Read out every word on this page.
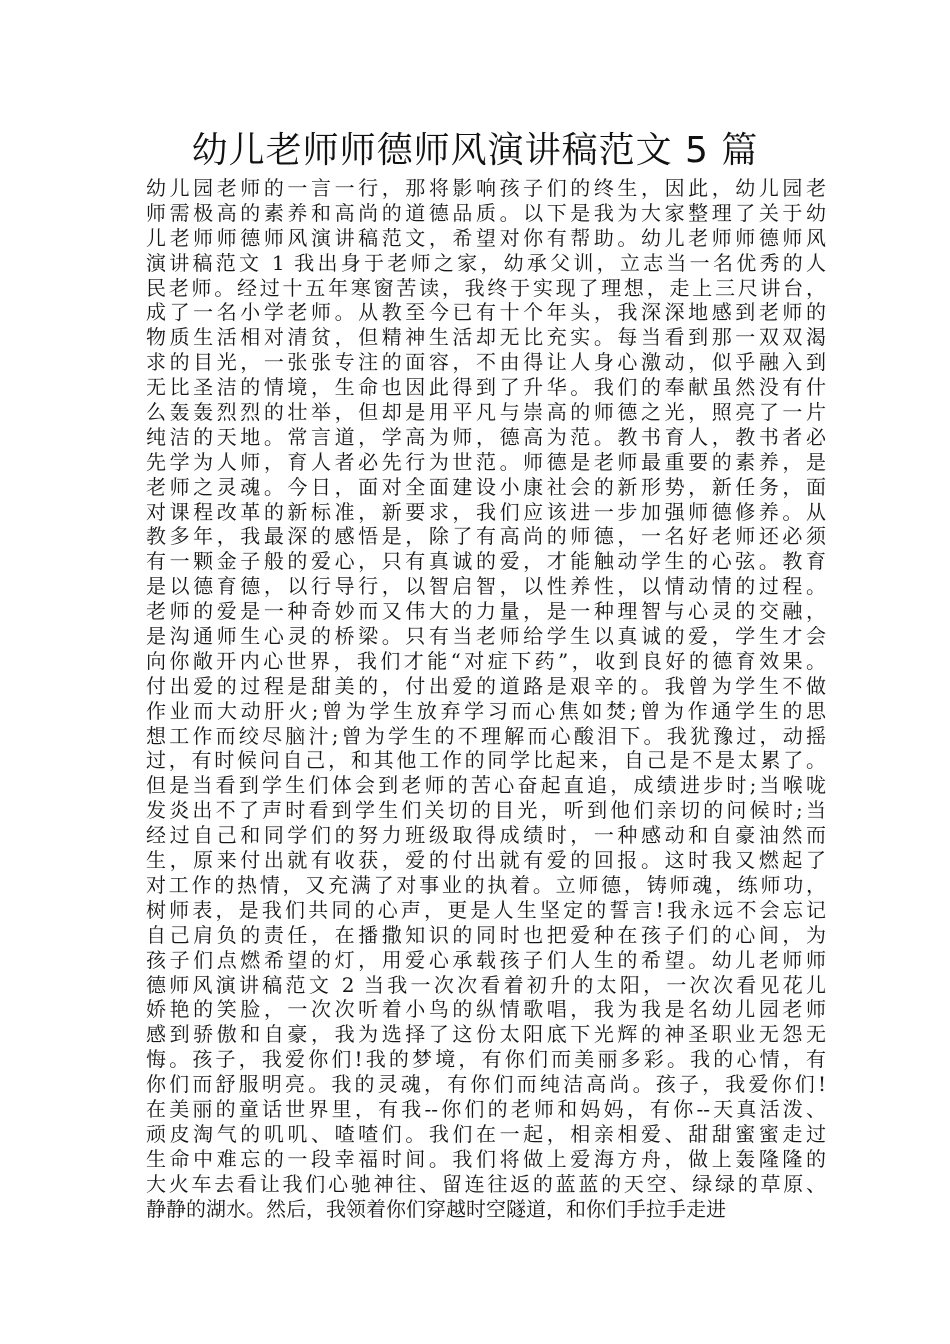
幼儿老师师德师风演讲稿范文 5 篇
幼儿园老师的一言一行，那将影响孩子们的终生，因此，幼儿园老
师需极高的素养和高尚的道德品质。以下是我为大家整理了关于幼
儿老师师德师风演讲稿范文，希望对你有帮助。幼儿老师师德师风
演讲稿范文 1 我出身于老师之家，幼承父训，立志当一名优秀的人
民老师。经过十五年寒窗苦读，我终于实现了理想，走上三尺讲台，
成了一名小学老师。从教至今已有十个年头，我深深地感到老师的
物质生活相对清贫，但精神生活却无比充实。每当看到那一双双渴
求的目光，一张张专注的面容，不由得让人身心激动，似乎融入到
无比圣洁的情境，生命也因此得到了升华。我们的奉献虽然没有什
么轰轰烈烈的壮举，但却是用平凡与崇高的师德之光，照亮了一片
纯洁的天地。常言道，学高为师，德高为范。教书育人，教书者必
先学为人师，育人者必先行为世范。师德是老师最重要的素养，是
老师之灵魂。今日，面对全面建设小康社会的新形势，新任务，面
对课程改革的新标准，新要求，我们应该进一步加强师德修养。从
教多年，我最深的感悟是，除了有高尚的师德，一名好老师还必须
有一颗金子般的爱心，只有真诚的爱，才能触动学生的心弦。教育
是以德育德，以行导行，以智启智，以性养性，以情动情的过程。
老师的爱是一种奇妙而又伟大的力量，是一种理智与心灵的交融，
是沟通师生心灵的桥梁。只有当老师给学生以真诚的爱，学生才会
向你敞开内心世界，我们才能“对症下药”，收到良好的德育效果。
付出爱的过程是甜美的，付出爱的道路是艰辛的。我曾为学生不做
作业而大动肝火;曾为学生放弃学习而心焦如焚;曾为作通学生的思
想工作而绞尽脑汁;曾为学生的不理解而心酸泪下。我犹豫过，动摇
过，有时候问自己，和其他工作的同学比起来，自己是不是太累了。
但是当看到学生们体会到老师的苦心奋起直追，成绩进步时;当喉咙
发炎出不了声时看到学生们关切的目光，听到他们亲切的问候时;当
经过自己和同学们的努力班级取得成绩时，一种感动和自豪油然而
生，原来付出就有收获，爱的付出就有爱的回报。这时我又燃起了
对工作的热情，又充满了对事业的执着。立师德，铸师魂，练师功，
树师表，是我们共同的心声，更是人生坚定的誓言!我永远不会忘记
自己肩负的责任，在播撒知识的同时也把爱种在孩子们的心间，为
孩子们点燃希望的灯，用爱心承载孩子们人生的希望。幼儿老师师
德师风演讲稿范文 2 当我一次次看着初升的太阳，一次次看见花儿
娇艳的笑脸，一次次听着小鸟的纵情歌唱，我为我是名幼儿园老师
感到骄傲和自豪，我为选择了这份太阳底下光辉的神圣职业无怨无
悔。孩子，我爱你们!我的梦境，有你们而美丽多彩。我的心情，有
你们而舒服明亮。我的灵魂，有你们而纯洁高尚。孩子，我爱你们!
在美丽的童话世界里，有我--你们的老师和妈妈，有你--天真活泼、
顽皮淘气的叽叽、喳喳们。我们在一起，相亲相爱、甜甜蜜蜜走过
生命中难忘的一段幸福时间。我们将做上爱海方舟，做上轰隆隆的
大火车去看让我们心驰神往、留连往返的蓝蓝的天空、绿绿的草原、
静静的湖水。然后，我领着你们穿越时空隧道，和你们手拉手走进
